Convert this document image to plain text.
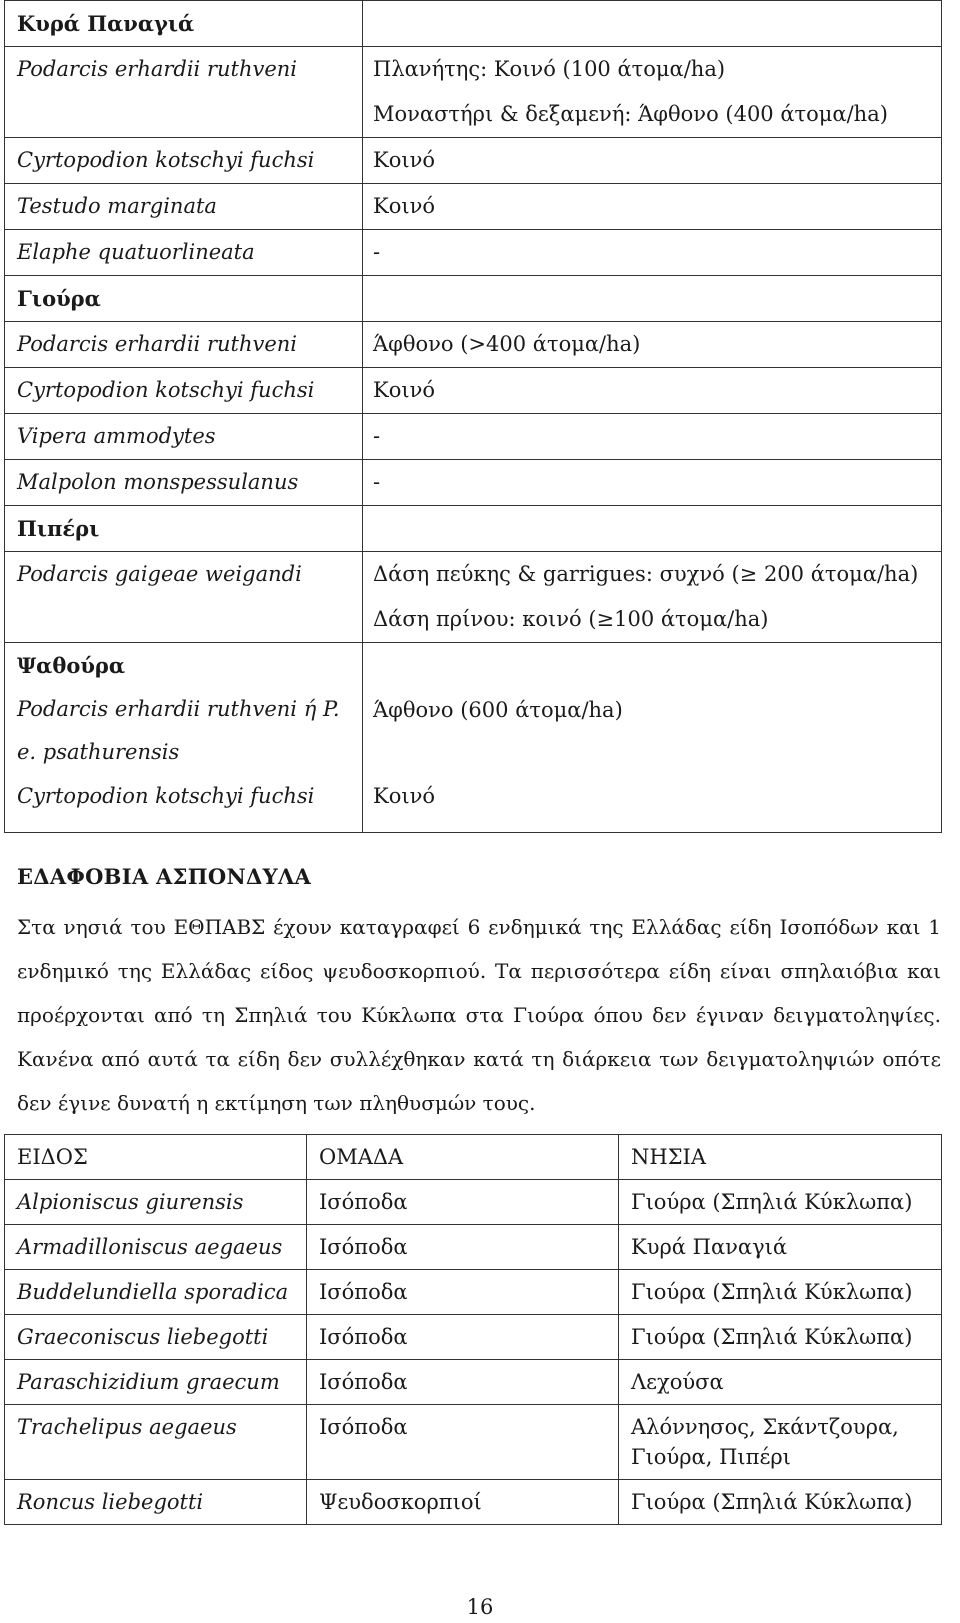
Κυρά Παναγιά	
Podarcis erhardii ruthveni	Πλανήτης: Κοινό (100 άτομα/ha)
	Μοναστήρι & δεξαμενή: Άφθονο (400 άτομα/ha)
Cyrtopodion kotschyi fuchsi	Κοινό
Testudo marginata	Κοινό
Elaphe quatuorlineata	-
Γιούρα	
Podarcis erhardii ruthveni	Άφθονο (>400 άτομα/ha)
Cyrtopodion kotschyi fuchsi	Κοινό
Vipera ammodytes	-
Malpolon monspessulanus	-
Πιπέρι	
Podarcis gaigeae weigandi	Δάση πεύκης & garrigues: συχνό (≥ 200 άτομα/ha)
	Δάση πρίνου: κοινό (≥100 άτομα/ha)
Ψαθούρα	
Podarcis erhardii ruthveni ή P. e. psathurensis	Άφθονο (600 άτομα/ha)
Cyrtopodion kotschyi fuchsi	Κοινό
ΕΔΑΦΟΒΙΑ ΑΣΠΟΝΔΥΛΑ
Στα νησιά του ΕΘΠΑΒΣ έχουν καταγραφεί 6 ενδημικά της Ελλάδας είδη Ισοπόδων και 1 ενδημικό της Ελλάδας είδος ψευδοσκορπιού. Τα περισσότερα είδη είναι σπηλαιόβια και προέρχονται από τη Σπηλιά του Κύκλωπα στα Γιούρα όπου δεν έγιναν δειγματοληψίες. Κανένα από αυτά τα είδη δεν συλλέχθηκαν κατά τη διάρκεια των δειγματοληψιών οπότε δεν έγινε δυνατή η εκτίμηση των πληθυσμών τους.
ΕΙΔΟΣ	ΟΜΑΔΑ	ΝΗΣΙΑ
Alpioniscus giurensis	Ισόποδα	Γιούρα (Σπηλιά Κύκλωπα)
Armadilloniscus aegaeus	Ισόποδα	Κυρά Παναγιά
Buddelundiella sporadica	Ισόποδα	Γιούρα (Σπηλιά Κύκλωπα)
Graeconiscus liebegotti	Ισόποδα	Γιούρα (Σπηλιά Κύκλωπα)
Paraschizidium graecum	Ισόποδα	Λεχούσα
Trachelipus aegaeus	Ισόποδα	Αλόννησος, Σκάντζουρα, Γιούρα, Πιπέρι
Roncus liebegotti	Ψευδοσκορπιοί	Γιούρα (Σπηλιά Κύκλωπα)
16
